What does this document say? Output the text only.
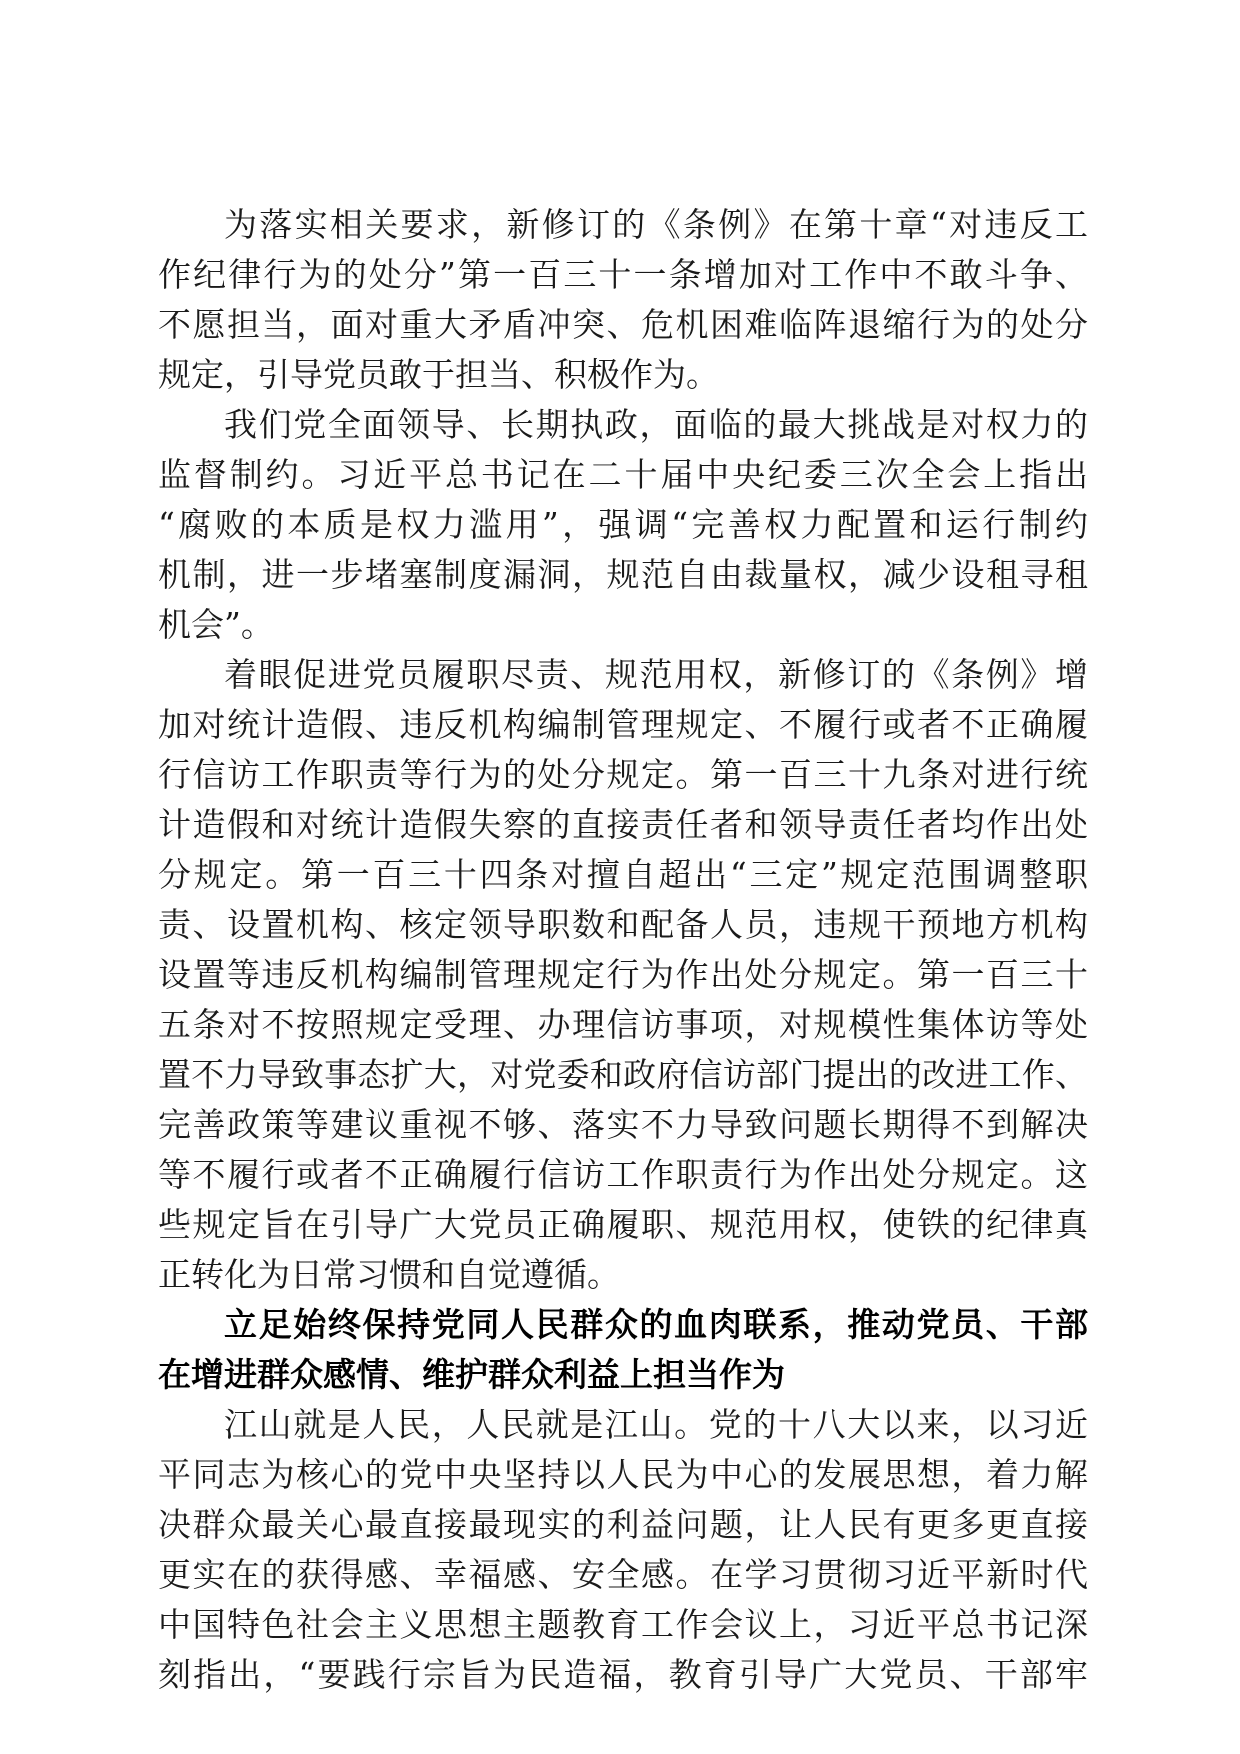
为落实相关要求，新修订的《条例》在第十章“对违反工
作纪律行为的处分”第一百三十一条增加对工作中不敢斗争、
不愿担当，面对重大矛盾冲突、危机困难临阵退缩行为的处分
规定，引导党员敢于担当、积极作为。
我们党全面领导、长期执政，面临的最大挑战是对权力的
监督制约。习近平总书记在二十届中央纪委三次全会上指出
“腐败的本质是权力滥用”，强调“完善权力配置和运行制约
机制，进一步堵塞制度漏洞，规范自由裁量权，减少设租寻租
机会”。
着眼促进党员履职尽责、规范用权，新修订的《条例》增
加对统计造假、违反机构编制管理规定、不履行或者不正确履
行信访工作职责等行为的处分规定。第一百三十九条对进行统
计造假和对统计造假失察的直接责任者和领导责任者均作出处
分规定。第一百三十四条对擅自超出“三定”规定范围调整职
责、设置机构、核定领导职数和配备人员，违规干预地方机构
设置等违反机构编制管理规定行为作出处分规定。第一百三十
五条对不按照规定受理、办理信访事项，对规模性集体访等处
置不力导致事态扩大，对党委和政府信访部门提出的改进工作、
完善政策等建议重视不够、落实不力导致问题长期得不到解决
等不履行或者不正确履行信访工作职责行为作出处分规定。这
些规定旨在引导广大党员正确履职、规范用权，使铁的纪律真
正转化为日常习惯和自觉遵循。
立足始终保持党同人民群众的血肉联系，推动党员、干部
在增进群众感情、维护群众利益上担当作为
江山就是人民，人民就是江山。党的十八大以来，以习近
平同志为核心的党中央坚持以人民为中心的发展思想，着力解
决群众最关心最直接最现实的利益问题，让人民有更多更直接
更实在的获得感、幸福感、安全感。在学习贯彻习近平新时代
中国特色社会主义思想主题教育工作会议上，习近平总书记深
刻指出，“要践行宗旨为民造福，教育引导广大党员、干部牢
